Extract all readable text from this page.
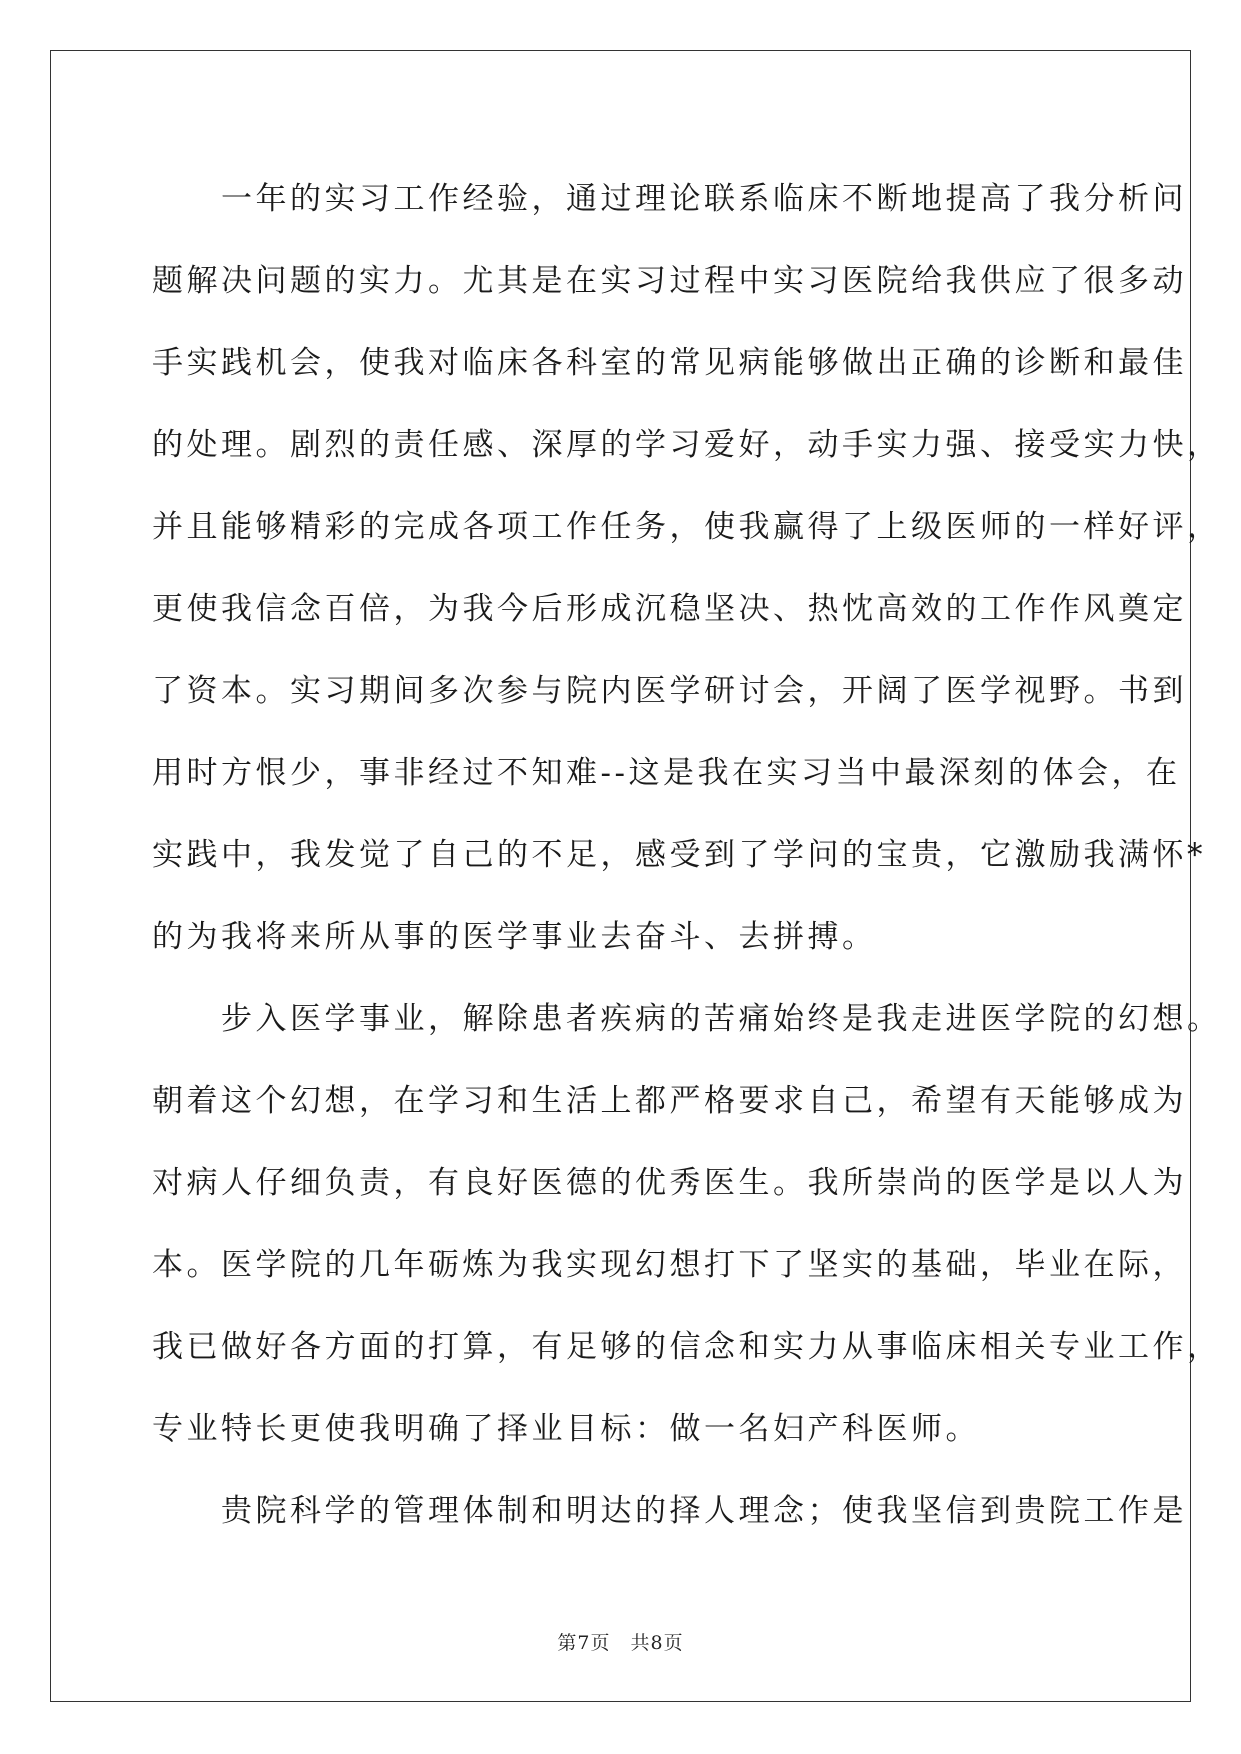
　　一年的实习工作经验，通过理论联系临床不断地提高了我分析问

题解决问题的实力。尤其是在实习过程中实习医院给我供应了很多动

手实践机会，使我对临床各科室的常见病能够做出正确的诊断和最佳

的处理。剧烈的责任感、深厚的学习爱好，动手实力强、接受实力快，

并且能够精彩的完成各项工作任务，使我赢得了上级医师的一样好评，

更使我信念百倍，为我今后形成沉稳坚决、热忱高效的工作作风奠定

了资本。实习期间多次参与院内医学研讨会，开阔了医学视野。书到

用时方恨少，事非经过不知难--这是我在实习当中最深刻的体会，在

实践中，我发觉了自己的不足，感受到了学问的宝贵，它激励我满怀*

的为我将来所从事的医学事业去奋斗、去拼搏。

　　步入医学事业，解除患者疾病的苦痛始终是我走进医学院的幻想。

朝着这个幻想，在学习和生活上都严格要求自己，希望有天能够成为

对病人仔细负责，有良好医德的优秀医生。我所崇尚的医学是以人为

本。医学院的几年砺炼为我实现幻想打下了坚实的基础，毕业在际，

我已做好各方面的打算，有足够的信念和实力从事临床相关专业工作，

专业特长更使我明确了择业目标：做一名妇产科医师。

　　贵院科学的管理体制和明达的择人理念；使我坚信到贵院工作是

第7页　共8页
